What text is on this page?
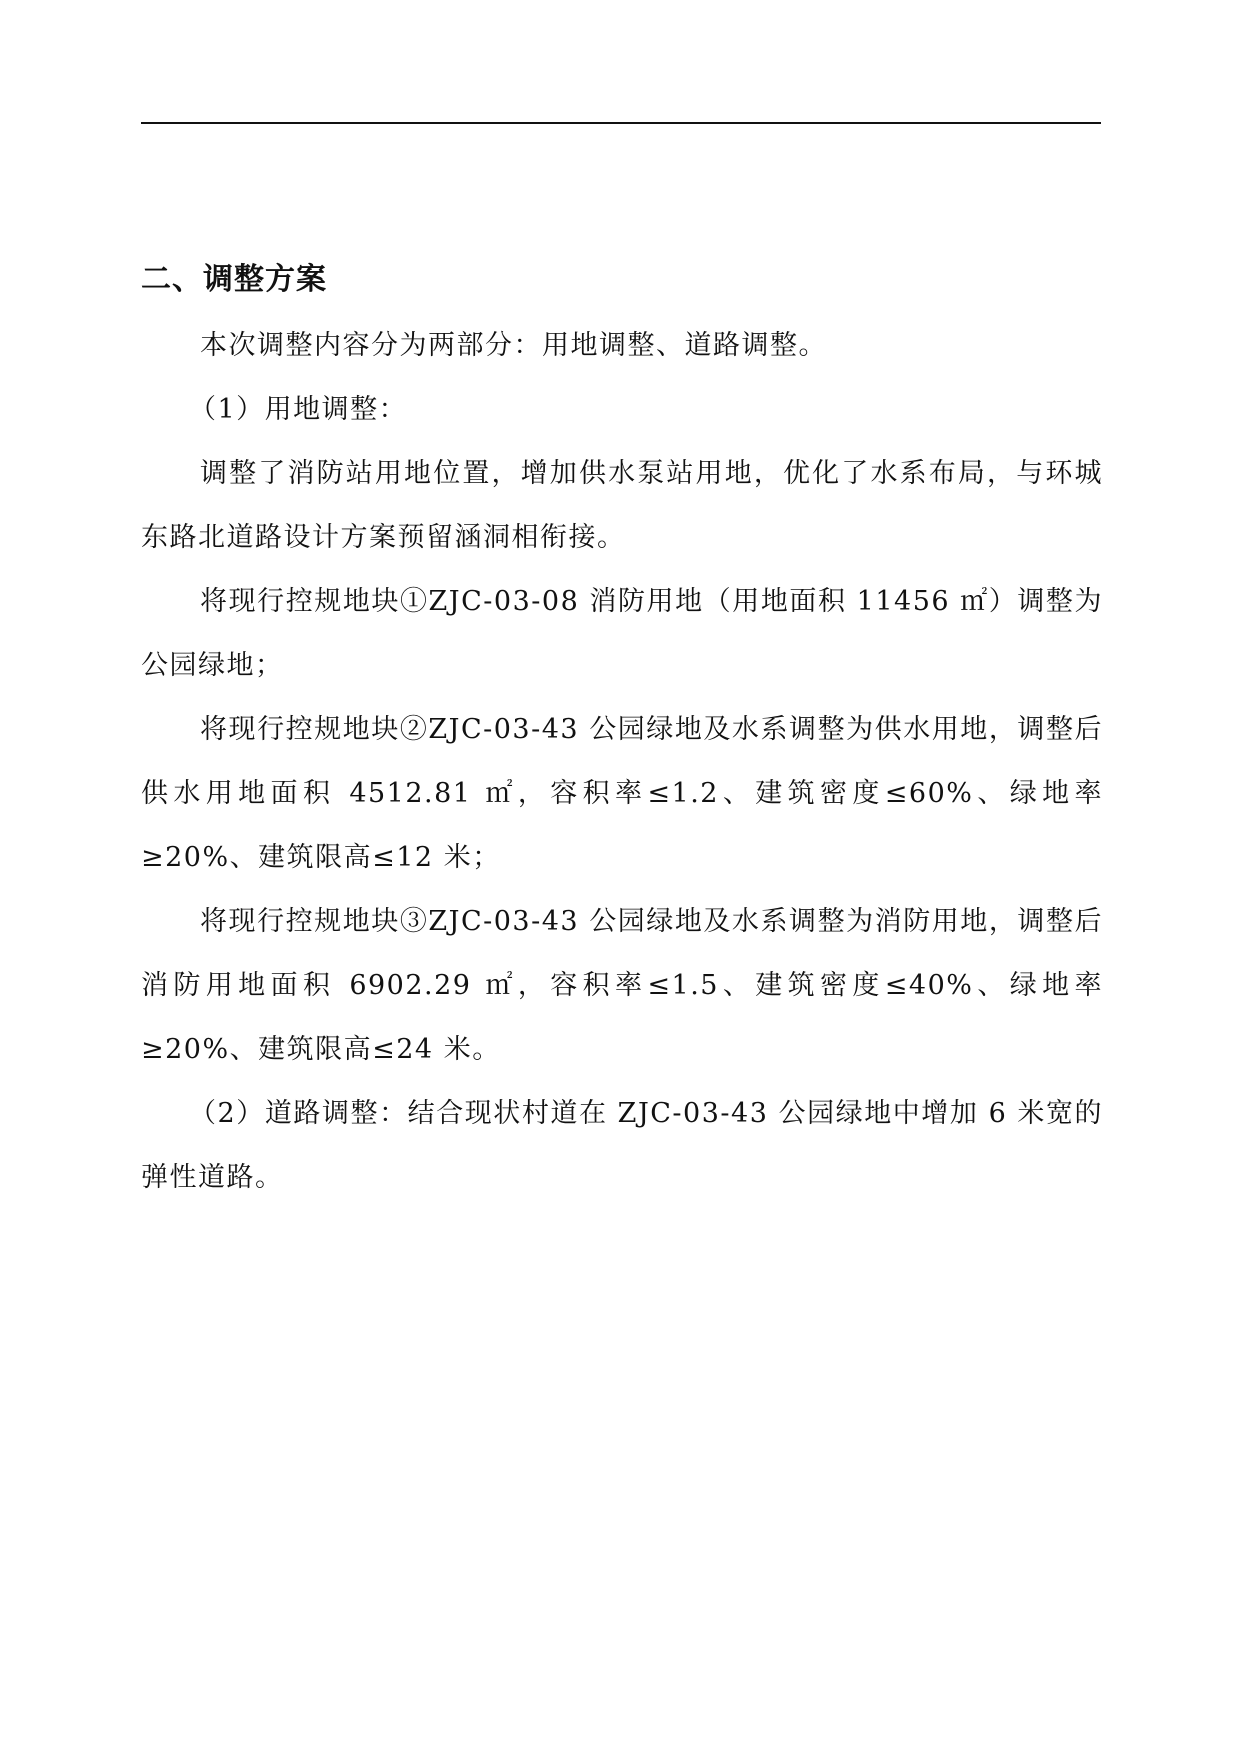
二、调整方案

本次调整内容分为两部分：用地调整、道路调整。

（1）用地调整：

调整了消防站用地位置，增加供水泵站用地，优化了水系布局，与环城东路北道路设计方案预留涵洞相衔接。

将现行控规地块①ZJC-03-08 消防用地（用地面积 11456 ㎡）调整为公园绿地；

将现行控规地块②ZJC-03-43 公园绿地及水系调整为供水用地，调整后供水用地面积 4512.81 ㎡，容积率≤1.2、建筑密度≤60%、绿地率≥20%、建筑限高≤12 米；

将现行控规地块③ZJC-03-43 公园绿地及水系调整为消防用地，调整后消防用地面积 6902.29 ㎡，容积率≤1.5、建筑密度≤40%、绿地率≥20%、建筑限高≤24 米。

（2）道路调整：结合现状村道在 ZJC-03-43 公园绿地中增加 6 米宽的弹性道路。
